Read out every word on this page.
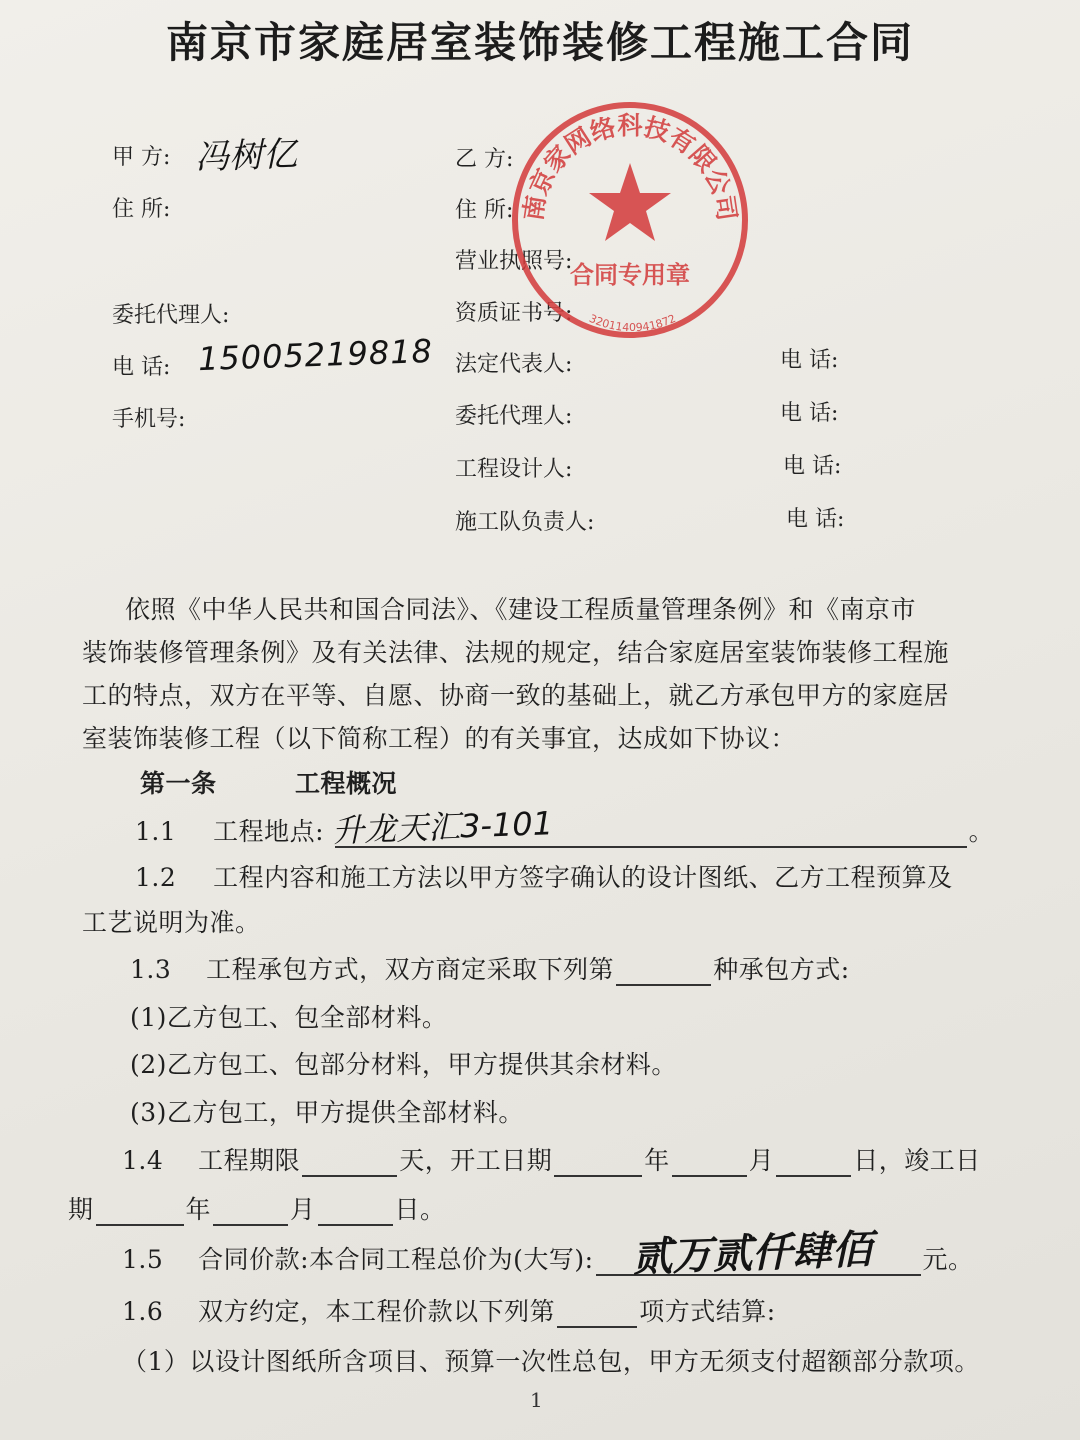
南京市家庭居室装饰装修工程施工合同
甲 方: 冯树亿
住 所:
委托代理人:
电 话: 15005219818
手机号:
乙 方:
住 所:
营业执照号:
资质证书号:
法定代表人:	电 话:
委托代理人:	电 话:
工程设计人:	电 话:
施工队负责人:	电 话:
南京家网络科技有限公司
合同专用章
3201140941872
依照《中华人民共和国合同法》、《建设工程质量管理条例》和《南京市
装饰装修管理条例》及有关法律、法规的规定，结合家庭居室装饰装修工程施
工的特点，双方在平等、自愿、协商一致的基础上，就乙方承包甲方的家庭居
室装饰装修工程（以下简称工程）的有关事宜，达成如下协议：
第一条	工程概况
1.1 工程地点:	。
升龙天汇3-101
1.2 工程内容和施工方法以甲方签字确认的设计图纸、乙方工程预算及
工艺说明为准。
1.3 工程承包方式，双方商定采取下列第	种承包方式:
(1)乙方包工、包全部材料。
(2)乙方包工、包部分材料，甲方提供其余材料。
(3)乙方包工，甲方提供全部材料。
1.4 工程期限	天，开工日期	年	月	日，竣工日
期	年	月	日。
1.5 合同价款:本合同工程总价为(大写):	元。
贰万贰仟肆佰
1.6 双方约定，本工程价款以下列第	项方式结算:
（1）以设计图纸所含项目、预算一次性总包，甲方无须支付超额部分款项。
1
